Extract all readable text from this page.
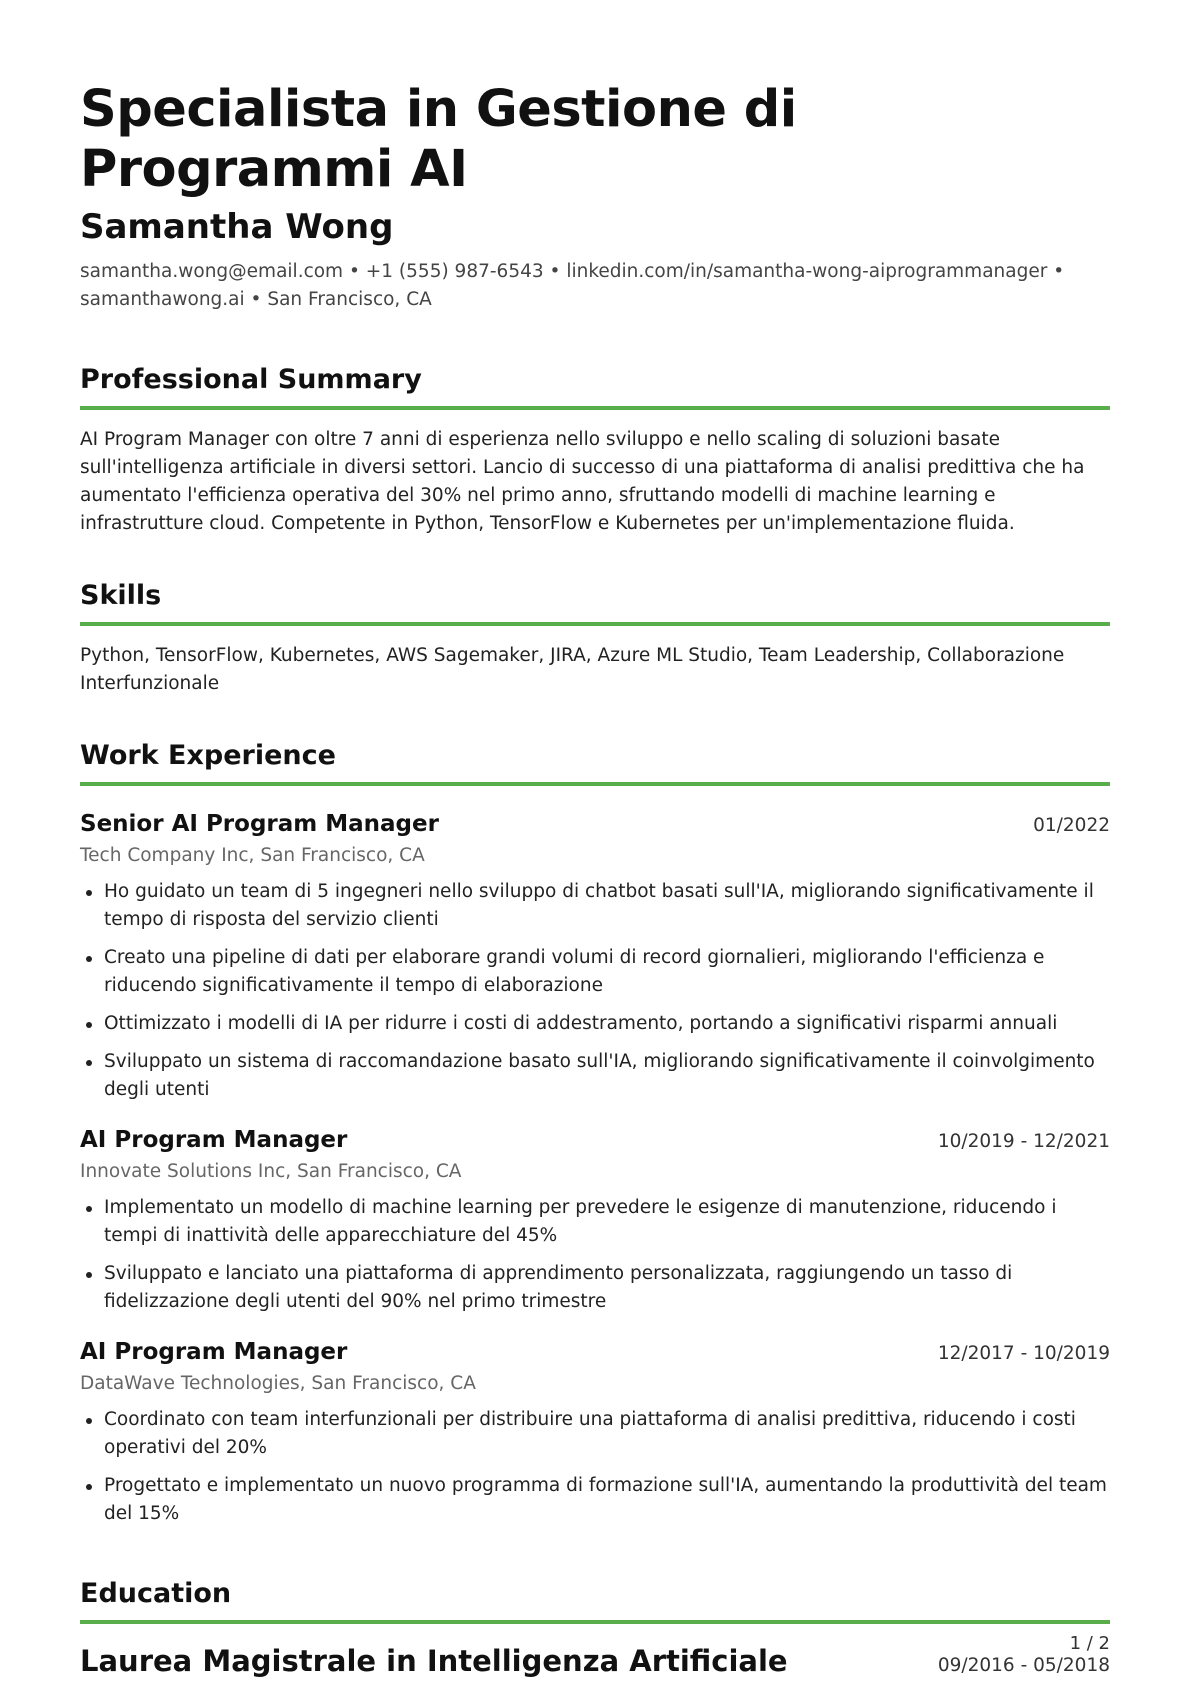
Specialista in Gestione di Programmi AI
Samantha Wong
samantha.wong@email.com • +1 (555) 987-6543 • linkedin.com/in/samantha-wong-aiprogrammanager • samanthawong.ai • San Francisco, CA
Professional Summary

AI Program Manager con oltre 7 anni di esperienza nello sviluppo e nello scaling di soluzioni basate sull'intelligenza artificiale in diversi settori. Lancio di successo di una piattaforma di analisi predittiva che ha aumentato l'efficienza operativa del 30% nel primo anno, sfruttando modelli di machine learning e infrastrutture cloud. Competente in Python, TensorFlow e Kubernetes per un'implementazione fluida.

Skills

Python, TensorFlow, Kubernetes, AWS Sagemaker, JIRA, Azure ML Studio, Team Leadership, Collaborazione Interfunzionale

Work Experience
Senior AI Program Manager	01/2022
Tech Company Inc, San Francisco, CA
Ho guidato un team di 5 ingegneri nello sviluppo di chatbot basati sull'IA, migliorando significativamente il tempo di risposta del servizio clienti
Creato una pipeline di dati per elaborare grandi volumi di record giornalieri, migliorando l'efficienza e riducendo significativamente il tempo di elaborazione
Ottimizzato i modelli di IA per ridurre i costi di addestramento, portando a significativi risparmi annuali
Sviluppato un sistema di raccomandazione basato sull'IA, migliorando significativamente il coinvolgimento degli utenti
AI Program Manager	10/2019 - 12/2021
Innovate Solutions Inc, San Francisco, CA
Implementato un modello di machine learning per prevedere le esigenze di manutenzione, riducendo i tempi di inattività delle apparecchiature del 45%
Sviluppato e lanciato una piattaforma di apprendimento personalizzata, raggiungendo un tasso di fidelizzazione degli utenti del 90% nel primo trimestre
AI Program Manager	12/2017 - 10/2019
DataWave Technologies, San Francisco, CA
Coordinato con team interfunzionali per distribuire una piattaforma di analisi predittiva, riducendo i costi operativi del 20%
Progettato e implementato un nuovo programma di formazione sull'IA, aumentando la produttività del team del 15%
Education
Laurea Magistrale in Intelligenza Artificiale	09/2016 - 05/2018
1 / 2
